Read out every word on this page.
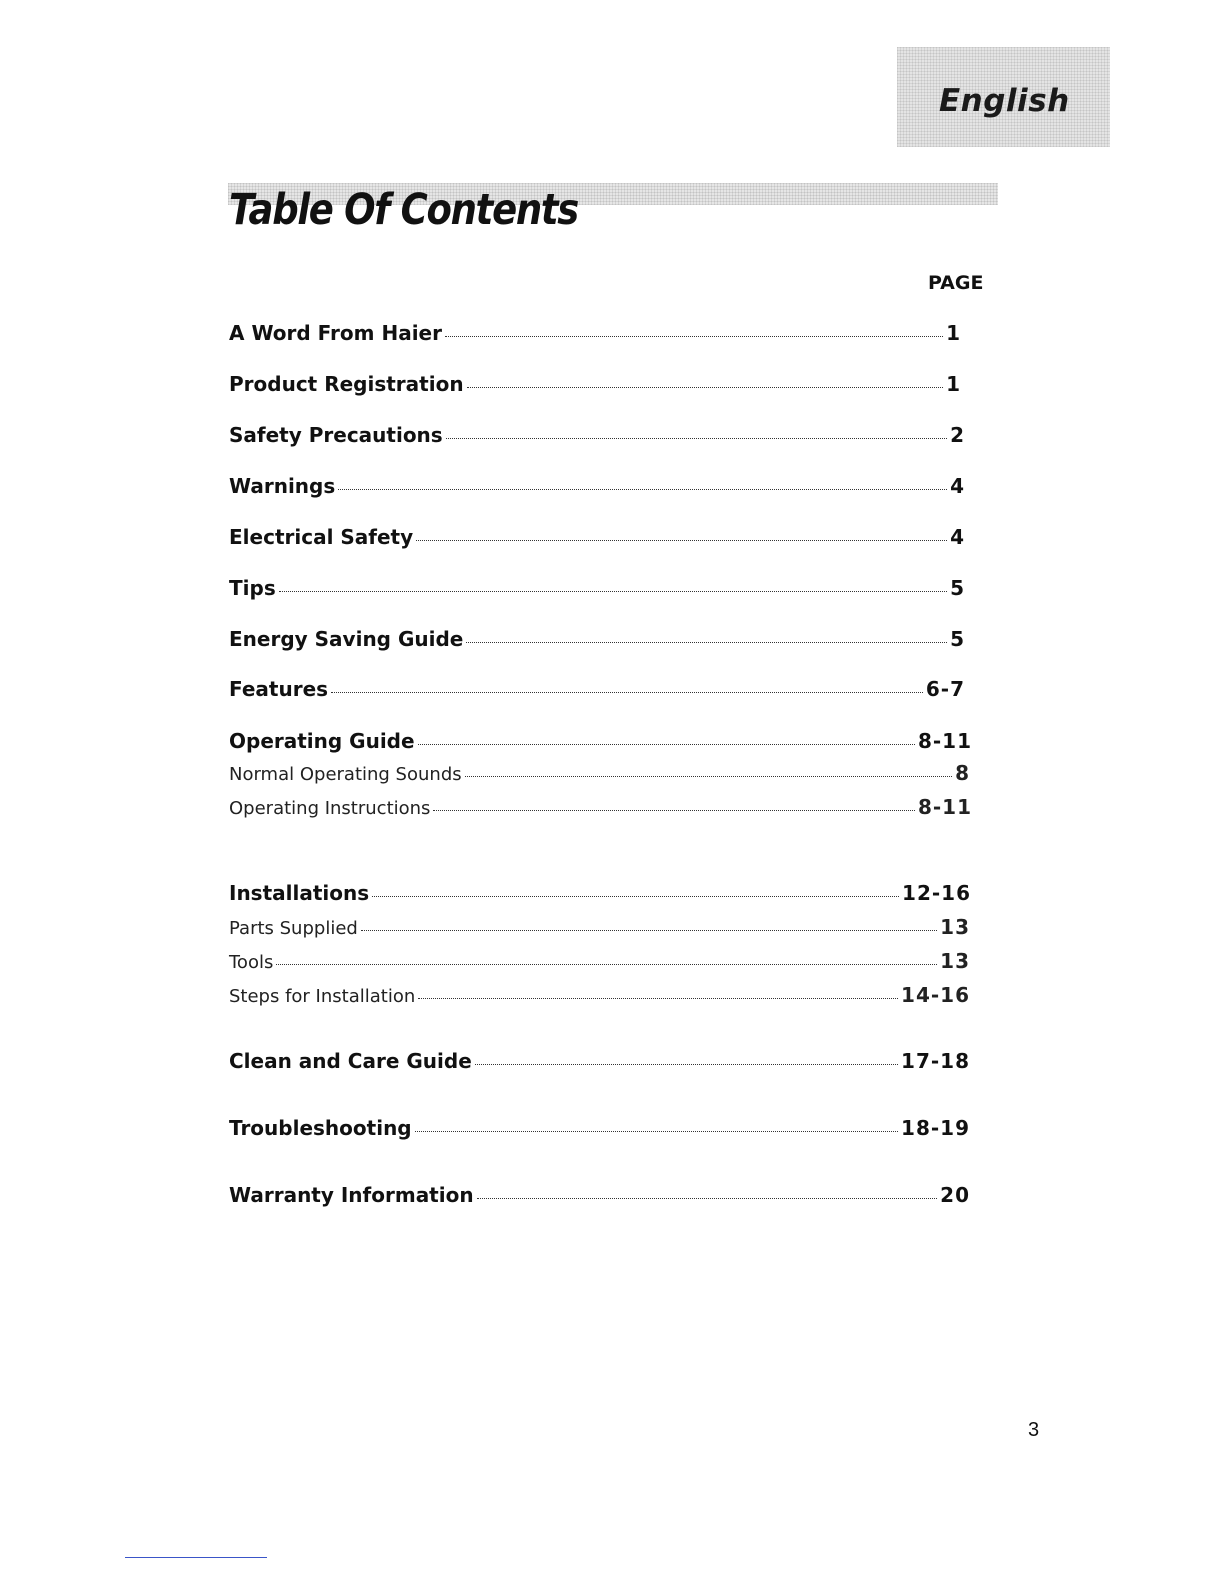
English
Table Of Contents
PAGE
A Word From Haier	1
Product Registration	1
Safety Precautions	2
Warnings	4
Electrical Safety	4
Tips	5
Energy Saving Guide	5
Features	6-7
Operating Guide	8-11
Normal Operating Sounds	8
Operating Instructions	8-11
Installations	12-16
Parts Supplied	13
Tools	13
Steps for Installation	14-16
Clean and Care Guide	17-18
Troubleshooting	18-19
Warranty Information	20
3
